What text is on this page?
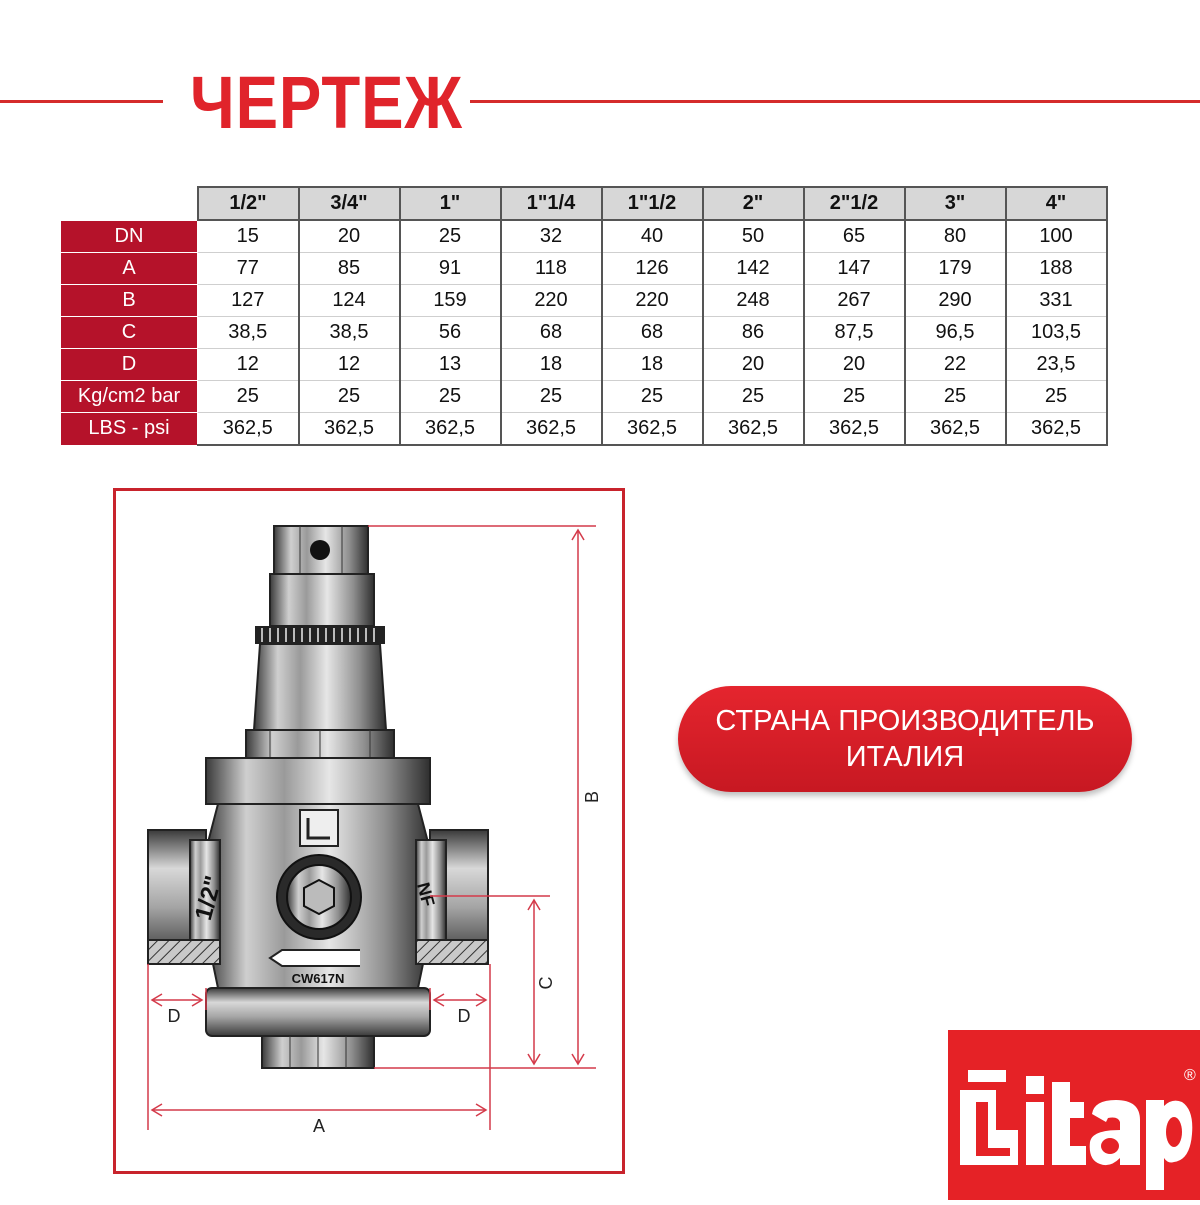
ЧЕРТЕЖ
	1/2"	3/4"	1"	1"1/4	1"1/2	2"	2"1/2	3"	4"
DN	15	20	25	32	40	50	65	80	100
A	77	85	91	118	126	142	147	179	188
B	127	124	159	220	220	248	267	290	331
C	38,5	38,5	56	68	68	86	87,5	96,5	103,5
D	12	12	13	18	18	20	20	22	23,5
Kg/cm2 bar	25	25	25	25	25	25	25	25	25
LBS - psi	362,5	362,5	362,5	362,5	362,5	362,5	362,5	362,5	362,5
1/2"	NF
CW617N
B
C
A
D	D
СТРАНА ПРОИЗВОДИТЕЛЬ
ИТАЛИЯ
®
